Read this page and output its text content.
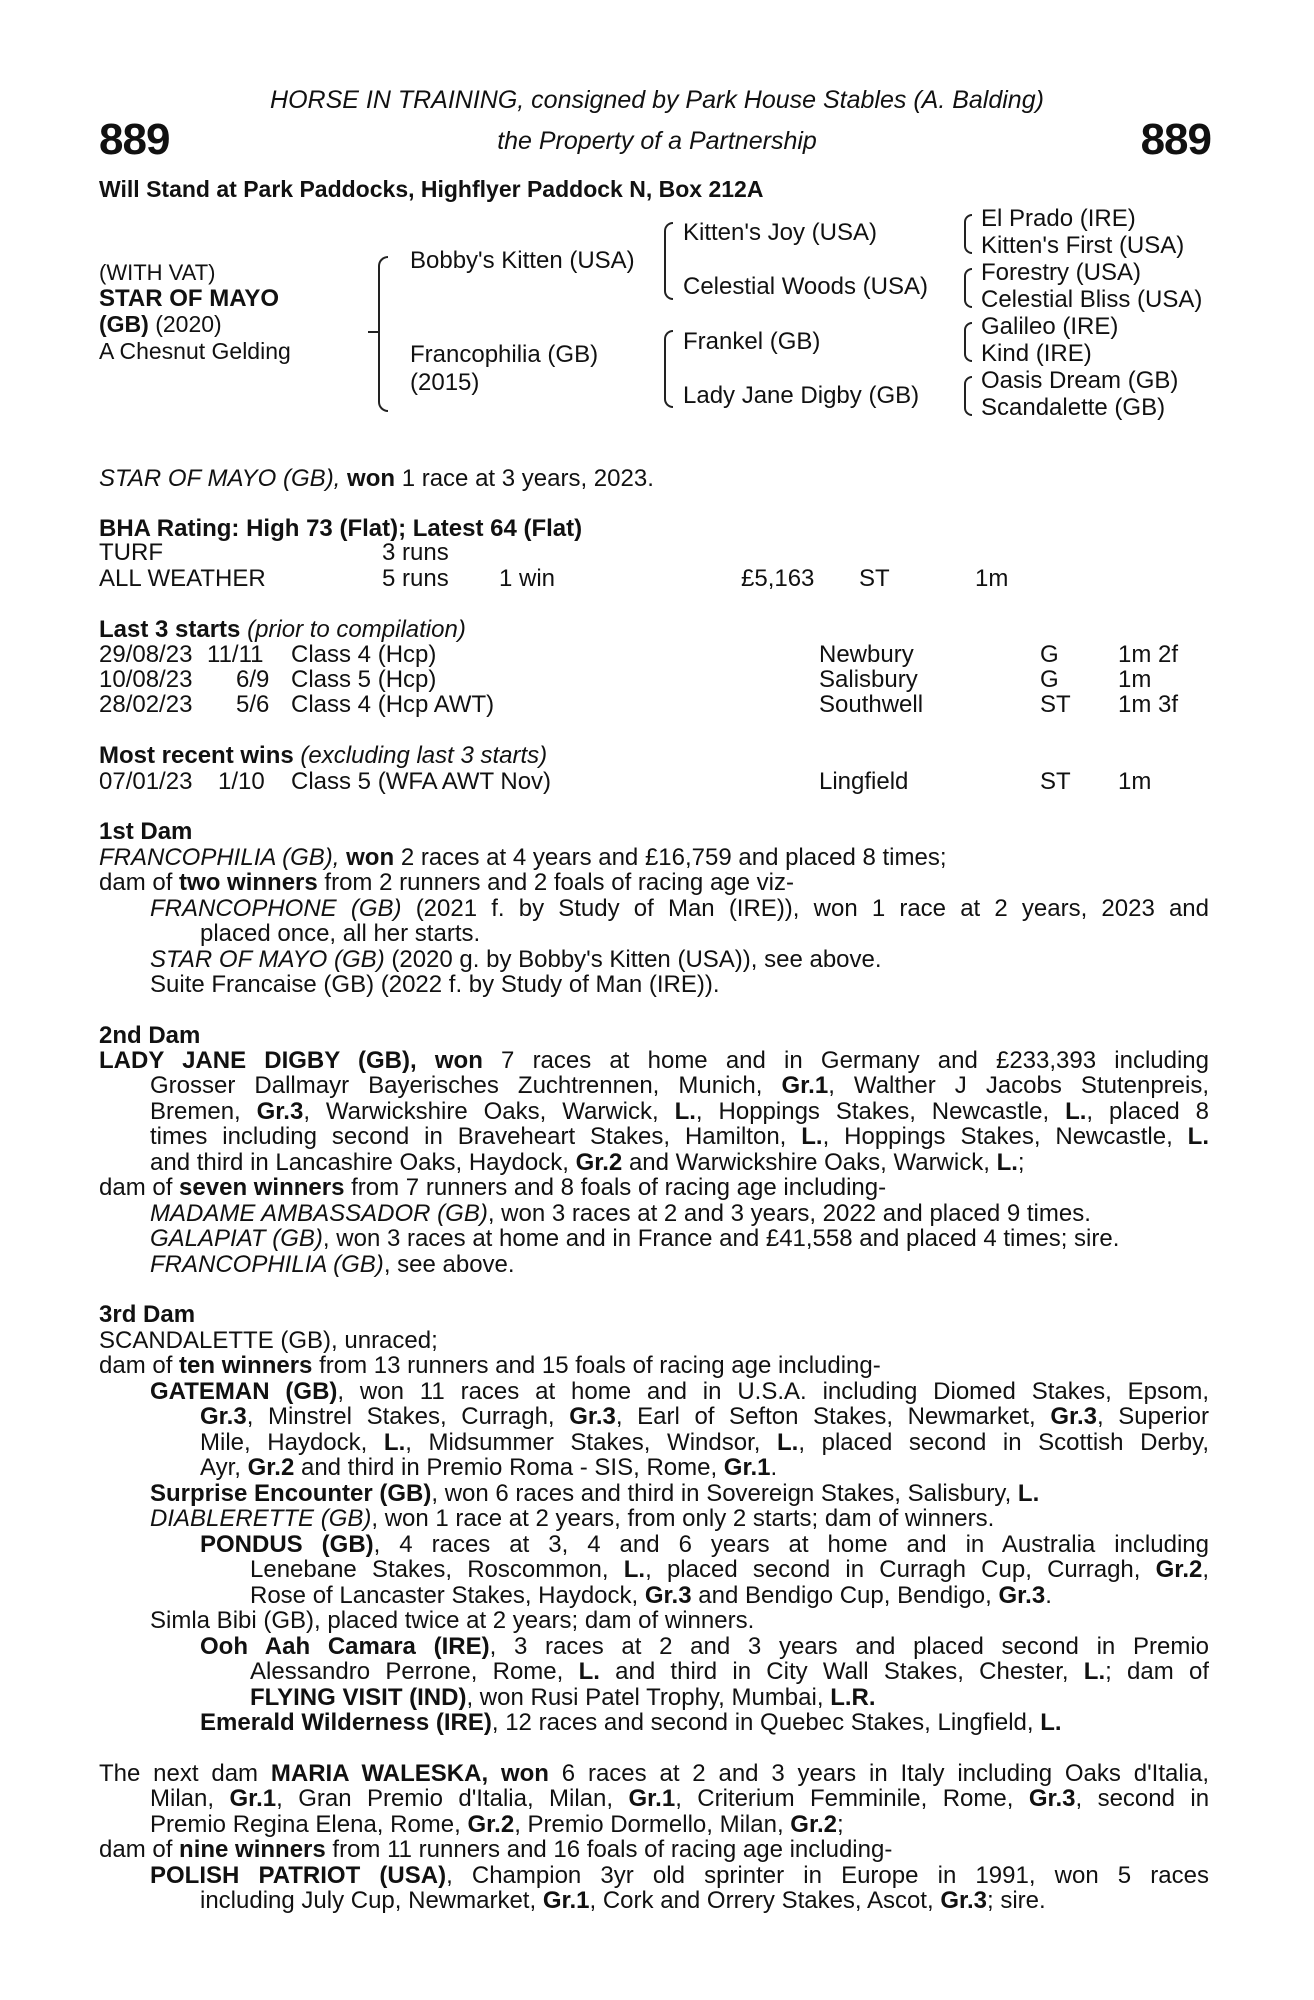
889	889
HORSE IN TRAINING, consigned by Park House Stables (A. Balding)
the Property of a Partnership
Will Stand at Park Paddocks, Highflyer Paddock N, Box 212A
(WITH VAT)
STAR OF MAYO
(GB) (2020)
A Chesnut Gelding
Bobby's Kitten (USA)
Francophilia (GB)
(2015)
Kitten's Joy (USA)
Celestial Woods (USA)
Frankel (GB)
Lady Jane Digby (GB)
El Prado (IRE)
Kitten's First (USA)
Forestry (USA)
Celestial Bliss (USA)
Galileo (IRE)
Kind (IRE)
Oasis Dream (GB)
Scandalette (GB)
STAR OF MAYO (GB), won 1 race at 3 years, 2023.
BHA Rating: High 73 (Flat); Latest 64 (Flat)
TURF	3 runs
ALL WEATHER	5 runs 1 win	£5,163 ST	1m
Last 3 starts (prior to compilation)
29/08/23 11/11 Class 4 (Hcp)	Newbury	G 1m 2f
10/08/23 6/9 Class 5 (Hcp)	Salisbury	G 1m
28/02/23 5/6 Class 4 (Hcp AWT)	Southwell	ST 1m 3f
Most recent wins (excluding last 3 starts)
07/01/23 1/10 Class 5 (WFA AWT Nov)	Lingfield	ST 1m
1st Dam
FRANCOPHILIA (GB), won 2 races at 4 years and £16,759 and placed 8 times;
dam of two winners from 2 runners and 2 foals of racing age viz-
FRANCOPHONE (GB) (2021 f. by Study of Man (IRE)), won 1 race at 2 years, 2023 and
placed once, all her starts.
STAR OF MAYO (GB) (2020 g. by Bobby's Kitten (USA)), see above.
Suite Francaise (GB) (2022 f. by Study of Man (IRE)).
2nd Dam
LADY JANE DIGBY (GB), won 7 races at home and in Germany and £233,393 including
Grosser Dallmayr Bayerisches Zuchtrennen, Munich, Gr.1, Walther J Jacobs Stutenpreis,
Bremen, Gr.3, Warwickshire Oaks, Warwick, L., Hoppings Stakes, Newcastle, L., placed 8
times including second in Braveheart Stakes, Hamilton, L., Hoppings Stakes, Newcastle, L.
and third in Lancashire Oaks, Haydock, Gr.2 and Warwickshire Oaks, Warwick, L.;
dam of seven winners from 7 runners and 8 foals of racing age including-
MADAME AMBASSADOR (GB), won 3 races at 2 and 3 years, 2022 and placed 9 times.
GALAPIAT (GB), won 3 races at home and in France and £41,558 and placed 4 times; sire.
FRANCOPHILIA (GB), see above.
3rd Dam
SCANDALETTE (GB), unraced;
dam of ten winners from 13 runners and 15 foals of racing age including-
GATEMAN (GB), won 11 races at home and in U.S.A. including Diomed Stakes, Epsom,
Gr.3, Minstrel Stakes, Curragh, Gr.3, Earl of Sefton Stakes, Newmarket, Gr.3, Superior
Mile, Haydock, L., Midsummer Stakes, Windsor, L., placed second in Scottish Derby,
Ayr, Gr.2 and third in Premio Roma - SIS, Rome, Gr.1.
Surprise Encounter (GB), won 6 races and third in Sovereign Stakes, Salisbury, L.
DIABLERETTE (GB), won 1 race at 2 years, from only 2 starts; dam of winners.
PONDUS (GB), 4 races at 3, 4 and 6 years at home and in Australia including
Lenebane Stakes, Roscommon, L., placed second in Curragh Cup, Curragh, Gr.2,
Rose of Lancaster Stakes, Haydock, Gr.3 and Bendigo Cup, Bendigo, Gr.3.
Simla Bibi (GB), placed twice at 2 years; dam of winners.
Ooh Aah Camara (IRE), 3 races at 2 and 3 years and placed second in Premio
Alessandro Perrone, Rome, L. and third in City Wall Stakes, Chester, L.; dam of
FLYING VISIT (IND), won Rusi Patel Trophy, Mumbai, L.R.
Emerald Wilderness (IRE), 12 races and second in Quebec Stakes, Lingfield, L.
The next dam MARIA WALESKA, won 6 races at 2 and 3 years in Italy including Oaks d'Italia,
Milan, Gr.1, Gran Premio d'Italia, Milan, Gr.1, Criterium Femminile, Rome, Gr.3, second in
Premio Regina Elena, Rome, Gr.2, Premio Dormello, Milan, Gr.2;
dam of nine winners from 11 runners and 16 foals of racing age including-
POLISH PATRIOT (USA), Champion 3yr old sprinter in Europe in 1991, won 5 races
including July Cup, Newmarket, Gr.1, Cork and Orrery Stakes, Ascot, Gr.3; sire.
